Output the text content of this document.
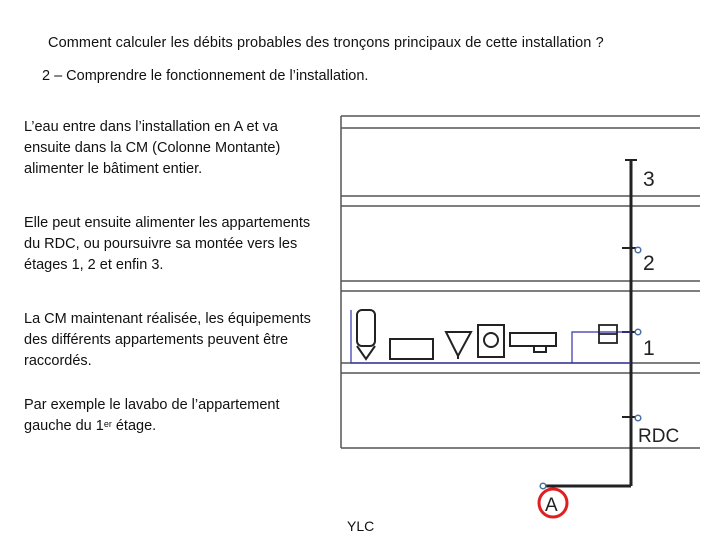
Comment calculer les débits probables des tronçons principaux de cette installation ?
2 – Comprendre le fonctionnement de l’installation.
L’eau entre dans l’installation en A et va ensuite dans la CM (Colonne Montante) alimenter le bâtiment entier.
Elle peut ensuite alimenter les appartements du RDC, ou poursuivre sa montée vers les étages 1, 2 et enfin 3.
La CM maintenant réalisée, les équipements des différents appartements peuvent être raccordés.
Par exemple le lavabo de l’appartement gauche du 1er étage.
3
2
1
RDC
A
YLC
